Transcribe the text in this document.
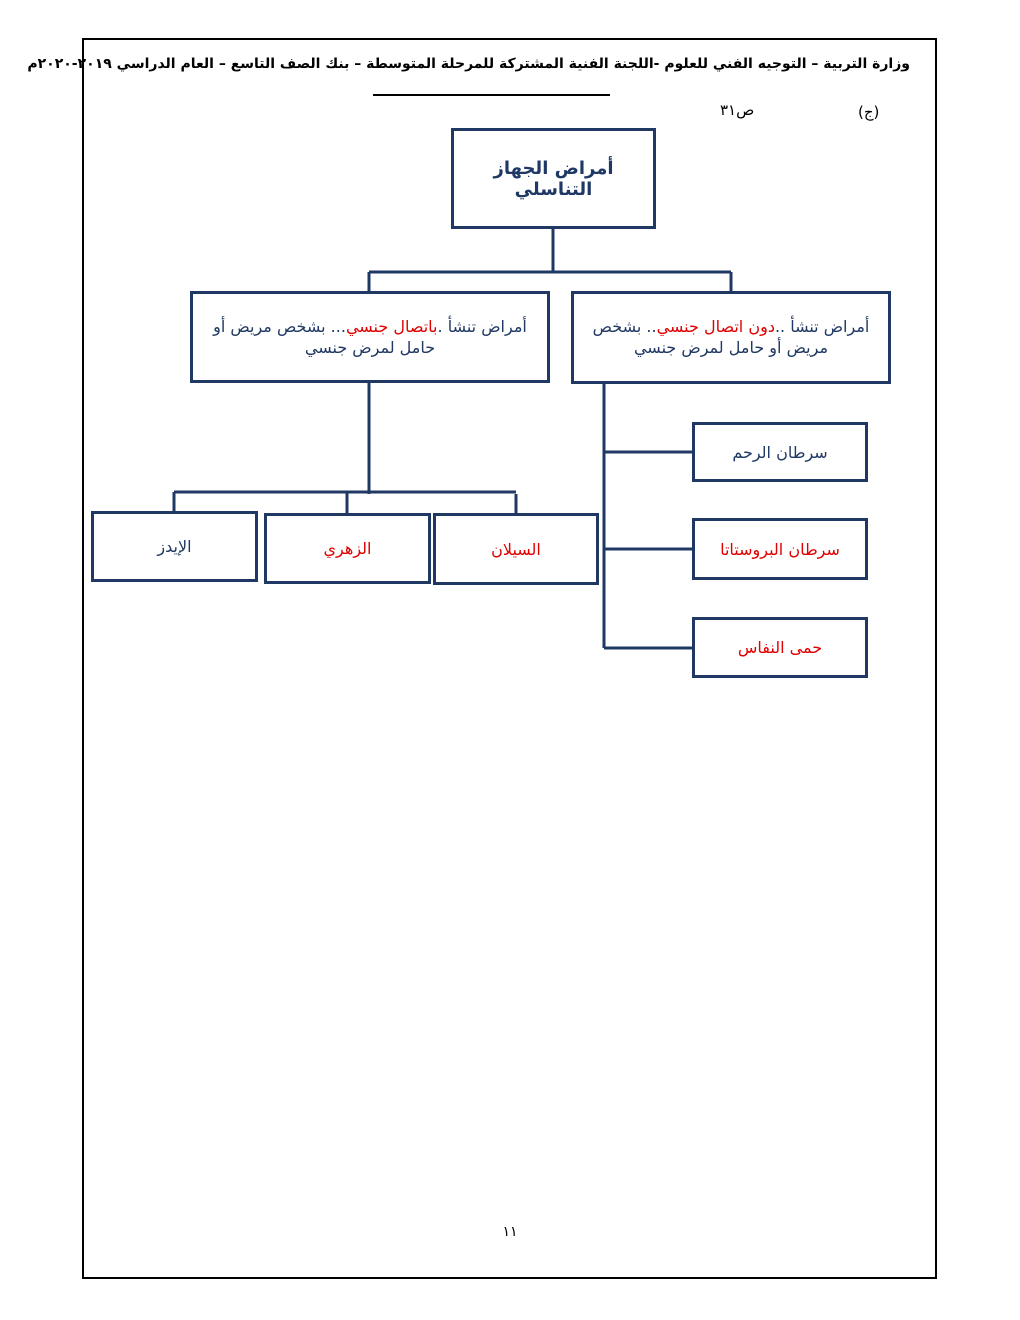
وزارة التربية – التوجيه الفني للعلوم -اللجنة الفنية المشتركة للمرحلة المتوسطة – بنك الصف التاسع – العام الدراسي ٢٠١٩-٢٠٢٠م
(ج)
ص٣١
أمراض الجهاز التناسلي
أمراض تنشأ ..دون اتصال جنسي.. بشخص مريض أو حامل لمرض جنسي
أمراض تنشأ .باتصال جنسي... بشخص مريض أو حامل لمرض جنسي
سرطان الرحم
سرطان البروستاتا
حمى النفاس
السيلان
الزهري
الإيدز
١١
